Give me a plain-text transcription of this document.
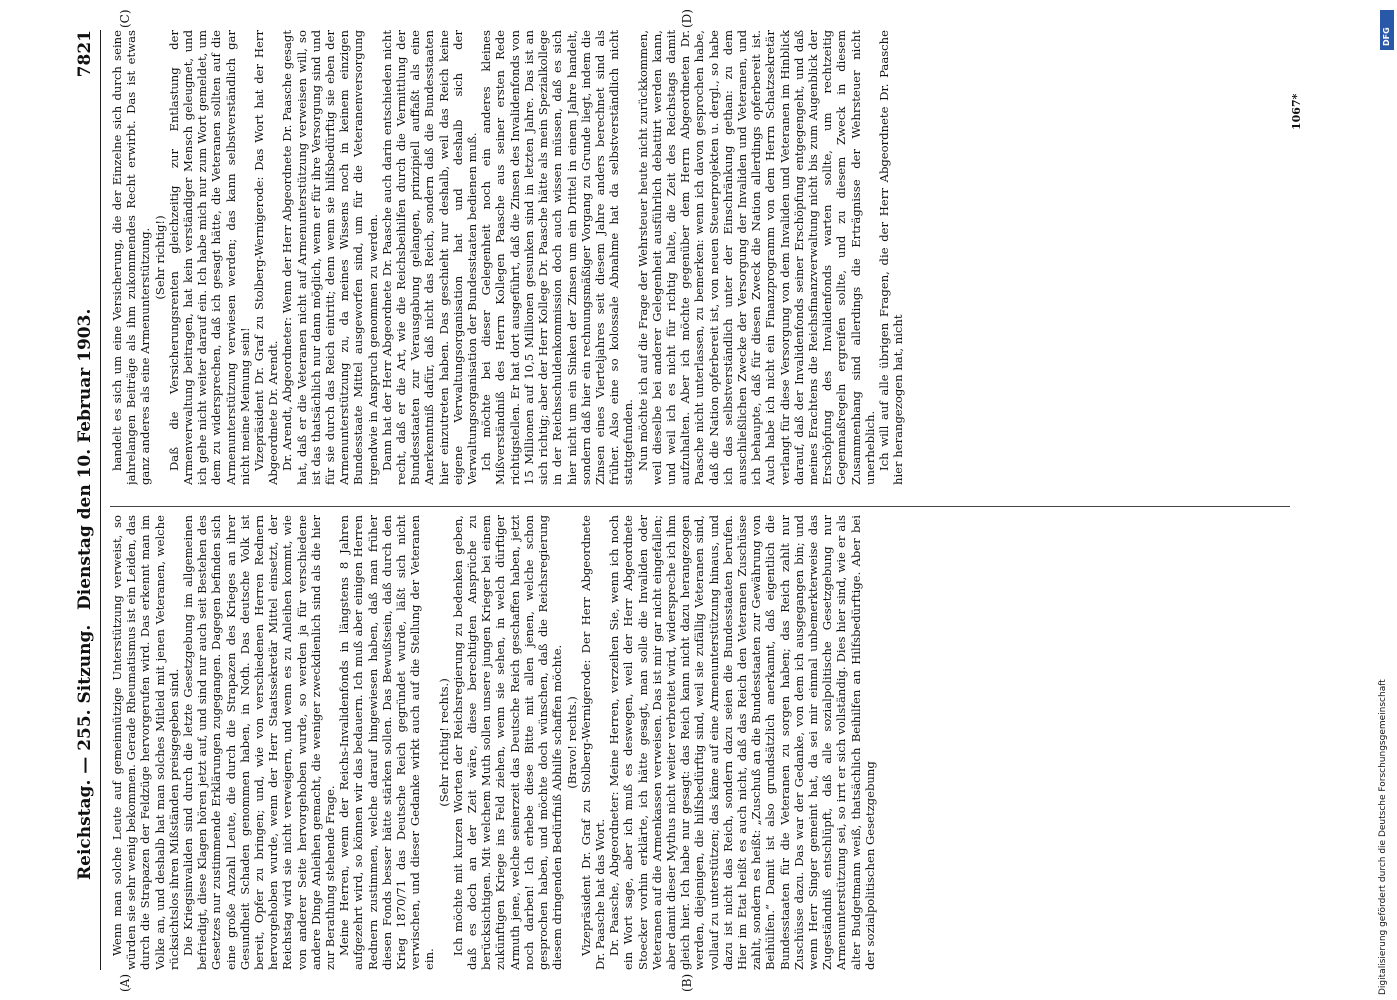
Reichstag. — 255. Sitzung.
Dienstag den 10. Februar 1903.
7821
(A)	(B)
(C)	(D)

Wenn man solche Leute auf gemeinnützige Unterstützung verweist, so würden sie sehr wenig bekommen. Gerade Rheumatismus ist ein Leiden, das durch die Strapazen der Feldzüge hervorgerufen wird. Das erkennt man im Volke an, und deshalb hat man solches Mitleid mit jenen Veteranen, welche rücksichtslos ihren Mißständen preisgegeben sind. Die Kriegsinvaliden sind durch die letzte Gesetzgebung im allgemeinen befriedigt, diese Klagen hören jetzt auf, und sind nur auch seit Bestehen des Gesetzes nur zustimmende Erklärungen zugegangen. Dagegen befinden sich eine große Anzahl Leute, die durch die Strapazen des Krieges an ihrer Gesundheit Schaden genommen haben, in Noth. Das deutsche Volk ist bereit, Opfer zu bringen; und, wie von verschiedenen Herren Rednern hervorgehoben wurde, wenn der Herr Staatssekretär Mittel einsetzt, der Reichstag wird sie nicht verweigern, und wenn es zu Anleihen kommt, wie von anderer Seite hervorgehoben wurde, so werden ja für verschiedene andere Dinge Anleihen gemacht, die weniger zweckdienlich sind als die hier zur Berathung stehende Frage. Meine Herren, wenn der Reichs-Invalidenfonds in längstens 8 Jahren aufgezehrt wird, so können wir das bedauern. Ich muß aber einigen Herren Rednern zustimmen, welche darauf hingewiesen haben, daß man früher diesen Fonds besser hätte stärken sollen. Das Bewußtsein, daß durch den Krieg 1870/71 das Deutsche Reich gegründet wurde, läßt sich nicht verwischen, und dieser Gedanke wirkt auch auf die Stellung der Veteranen ein.

(Sehr richtig! rechts.) Ich möchte mit kurzen Worten der Reichsregierung zu bedenken geben, daß es doch an der Zeit wäre, diese berechtigten Ansprüche zu berücksichtigen. Mit welchem Muth sollen unsere jungen Krieger bei einem zukünftigen Kriege ins Feld ziehen, wenn sie sehen, in welch dürftiger Armuth jene, welche seinerzeit das Deutsche Reich geschaffen haben, jetzt noch darben! Ich erhebe diese Bitte mit allen jenen, welche schon gesprochen haben, und möchte doch wünschen, daß die Reichsregierung diesem dringenden Bedürfniß Abhilfe schaffen möchte. (Bravo! rechts.) Vizepräsident Dr. Graf zu Stolberg-Wernigerode: Der Herr Abgeordnete Dr. Paasche hat das Wort. Dr. Paasche, Abgeordneter: Meine Herren, verzeihen Sie, wenn ich noch ein Wort sage, aber ich muß es deswegen, weil der Herr Abgeordnete Stoecker vorhin erklärte, ich hätte gesagt, man solle die Invaliden oder Veteranen auf die Armenkassen verweisen. Das ist mir gar nicht eingefallen; aber damit dieser Mythus nicht weiter verbreitet wird, widerspreche ich ihm gleich hier. Ich habe nur gesagt: das Reich kann nicht dazu herangezogen werden, diejenigen, die hilfsbedürftig sind, weil sie zufällig Veteranen sind, vollauf zu unterstützen; das käme auf eine Armenunterstützung hinaus, und dazu ist nicht das Reich, sondern dazu seien die Bundesstaaten berufen. Hier im Etat heißt es auch nicht, daß das Reich den Veteranen Zuschüsse zahlt, sondern es heißt: „Zuschuß an die Bundesstaaten zur Gewährung von Beihülfen.“ Damit ist also grundsätzlich anerkannt, daß eigentlich die Bundesstaaten für die Veteranen zu sorgen haben; das Reich zahlt nur Zuschüsse dazu. Das war der Gedanke, von dem ich ausgegangen bin; und wenn Herr Singer gemeint hat, da sei mir einmal unbemerkterweise das Zugeständniß entschlüpft, daß alle sozialpolitische Gesetzgebung nur Armenunterstützung sei, so irrt er sich vollständig. Dies hier sind, wie er als alter Budgetmann weiß, thatsächlich Beihilfen an Hilfsbedürftige. Aber bei der sozialpolitischen Gesetzgebung

handelt es sich um eine Versicherung, die der Einzelne sich durch seine jahrelangen Beiträge als ihm zukommendes Recht erwirbt. Das ist etwas ganz anderes als eine Armenunterstützung. (Sehr richtig!) Daß die Versicherungsrenten gleichzeitig zur Entlastung der Armenverwaltung beitragen, hat kein verständiger Mensch geleugnet, und ich gehe nicht weiter darauf ein. Ich habe mich nur zum Wort gemeldet, um dem zu widersprechen, daß ich gesagt hätte, die Veteranen sollten auf die Armenunterstützung verwiesen werden; das kann selbstverständlich gar nicht meine Meinung sein! Vizepräsident Dr. Graf zu Stolberg-Wernigerode: Das Wort hat der Herr Abgeordnete Dr. Arendt. Dr. Arendt, Abgeordneter: Wenn der Herr Abgeordnete Dr. Paasche gesagt hat, daß er die Veteranen nicht auf Armenunterstützung verweisen will, so ist das thatsächlich nur dann möglich, wenn er für ihre Versorgung sind und für sie durch das Reich eintritt; denn wenn sie hilfsbedürftig sie eben der Armenunterstützung zu, da meines Wissens noch in keinem einzigen Bundesstaate Mittel ausgeworfen sind, um für die Veteranenversorgung irgendwie in Anspruch genommen zu werden. Dann hat der Herr Abgeordnete Dr. Paasche auch darin entschieden nicht recht, daß er die Art, wie die Reichsbeihilfen durch die Vermittlung der Bundesstaaten zur Verausgabung gelangen, prinzipiell auffaßt als eine Anerkenntniß dafür, daß nicht das Reich, sondern daß die Bundesstaaten hier einzutreten haben. Das geschieht nur deshalb, weil das Reich keine eigene Verwaltungsorganisation hat und deshalb sich der Verwaltungsorganisation der Bundesstaaten bedienen muß. Ich möchte bei dieser Gelegenheit noch ein anderes kleines Mißverständniß des Herrn Kollegen Paasche aus seiner ersten Rede richtigstellen. Er hat dort ausgeführt, daß die Zinsen des Invalidenfonds von 15 Millionen auf 10,5 Millionen gesunken sind in letzten Jahre. Das ist an sich richtig; aber der Herr Kollege Dr. Paasche hätte als mein Spezialkollege in der Reichsschuldenkommission doch auch wissen müssen, daß es sich hier nicht um ein Sinken der Zinsen um ein Drittel in einem Jahre handelt, sondern daß hier ein rechnungsmäßiger Vorgang zu Grunde liegt, indem die Zinsen eines Vierteljahres seit diesem Jahre anders berechnet sind als früher. Also eine so kolossale Abnahme hat da selbstverständlich nicht stattgefunden. Nun möchte ich auf die Frage der Wehrsteuer heute nicht zurückkommen, weil dieselbe bei anderer Gelegenheit ausführlich debattirt werden kann, und weil ich es nicht für richtig halte, die Zeit des Reichstags damit aufzuhalten. Aber ich möchte gegenüber dem Herrn Abgeordneten Dr. Paasche nicht unterlassen, zu bemerken: wenn ich davon gesprochen habe, daß die Nation opferbereit ist, von neuen Steuerprojekten u. dergl., so habe ich das selbstverständlich unter der Einschränkung gethan: zu dem ausschließlichen Zwecke der Versorgung der Invaliden und Veteranen, und ich behaupte, daß für diesen Zweck die Nation allerdings opferbereit ist. Auch habe ich nicht ein Finanzprogramm von dem Herrn Schatzsekretär verlangt für diese Versorgung von dem Invaliden und Veteranen im Hinblick darauf, daß der Invalidenfonds seiner Erschöpfung entgegengeht, und daß meines Erachtens die Reichsfinanzverwaltung nicht bis zum Augenblick der Erschöpfung des Invalidenfonds warten sollte, um rechtzeitig Gegenmaßregeln ergreifen sollte, und zu diesem Zweck in diesem Zusammenhang sind allerdings die Erträgnisse der Wehrsteuer nicht unerheblich. Ich will auf alle übrigen Fragen, die der Herr Abgeordnete Dr. Paasche hier herangezogen hat, nicht

1067*
DFG
Digitalisierung gefördert durch die Deutsche Forschungsgemeinschaft
